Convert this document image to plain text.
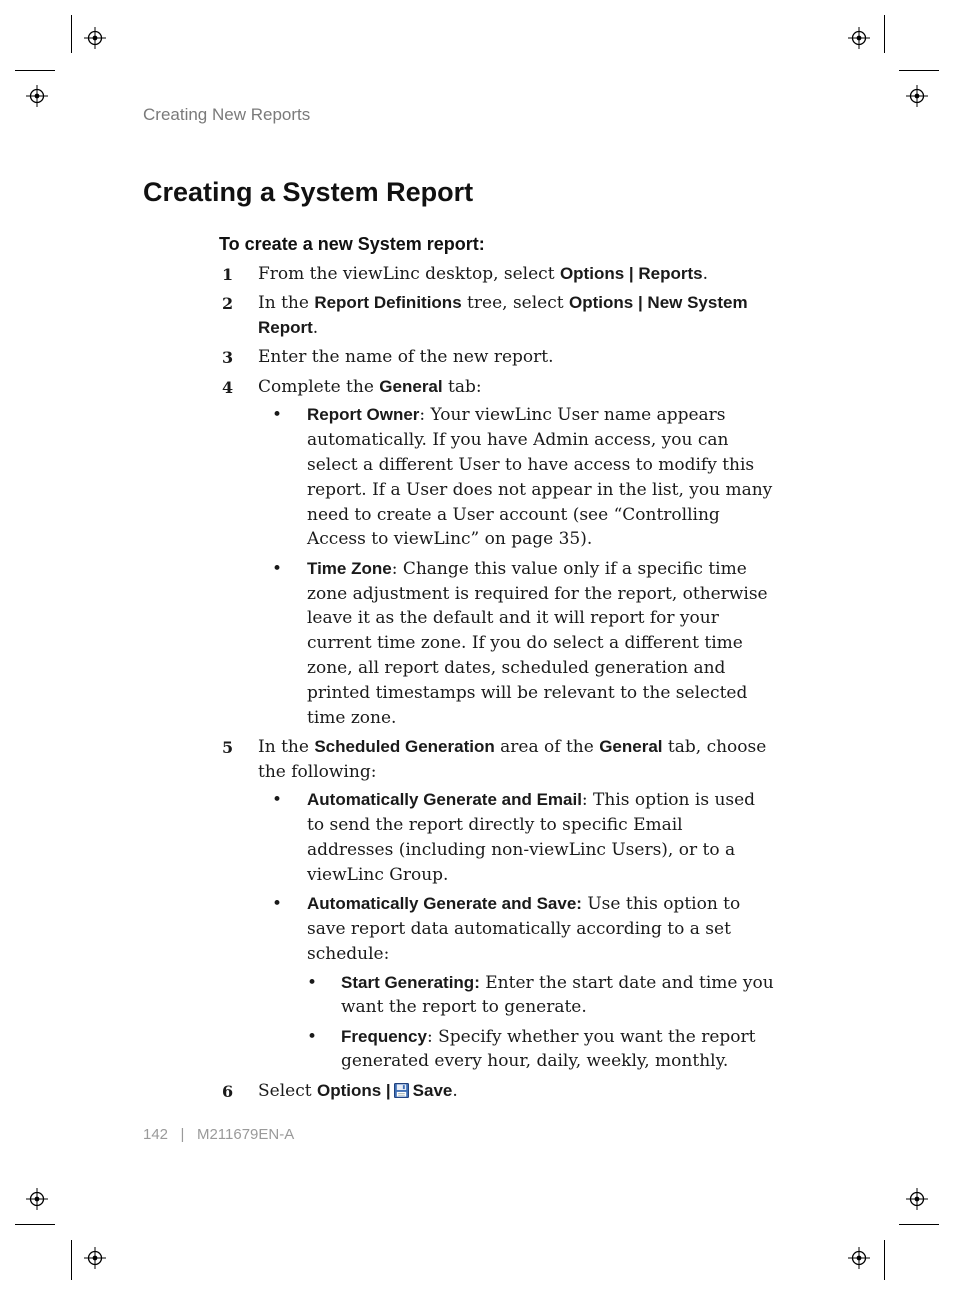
Creating New Reports
Creating a System Report
To create a new System report:
1 From the viewLinc desktop, select Options | Reports.
2 In the Report Definitions tree, select Options | New System Report.
3 Enter the name of the new report.
4 Complete the General tab:
• Report Owner: Your viewLinc User name appears automatically. If you have Admin access, you can select a different User to have access to modify this report. If a User does not appear in the list, you many need to create a User account (see “Controlling Access to viewLinc” on page 35).
• Time Zone: Change this value only if a specific time zone adjustment is required for the report, otherwise leave it as the default and it will report for your current time zone. If you do select a different time zone, all report dates, scheduled generation and printed timestamps will be relevant to the selected time zone.
5 In the Scheduled Generation area of the General tab, choose the following:
• Automatically Generate and Email: This option is used to send the report directly to specific Email addresses (including non-viewLinc Users), or to a viewLinc Group.
• Automatically Generate and Save: Use this option to save report data automatically according to a set schedule:
• Start Generating: Enter the start date and time you want the report to generate.
• Frequency: Specify whether you want the report generated every hour, daily, weekly, monthly.
6 Select Options | Save.
142 | M211679EN-A
